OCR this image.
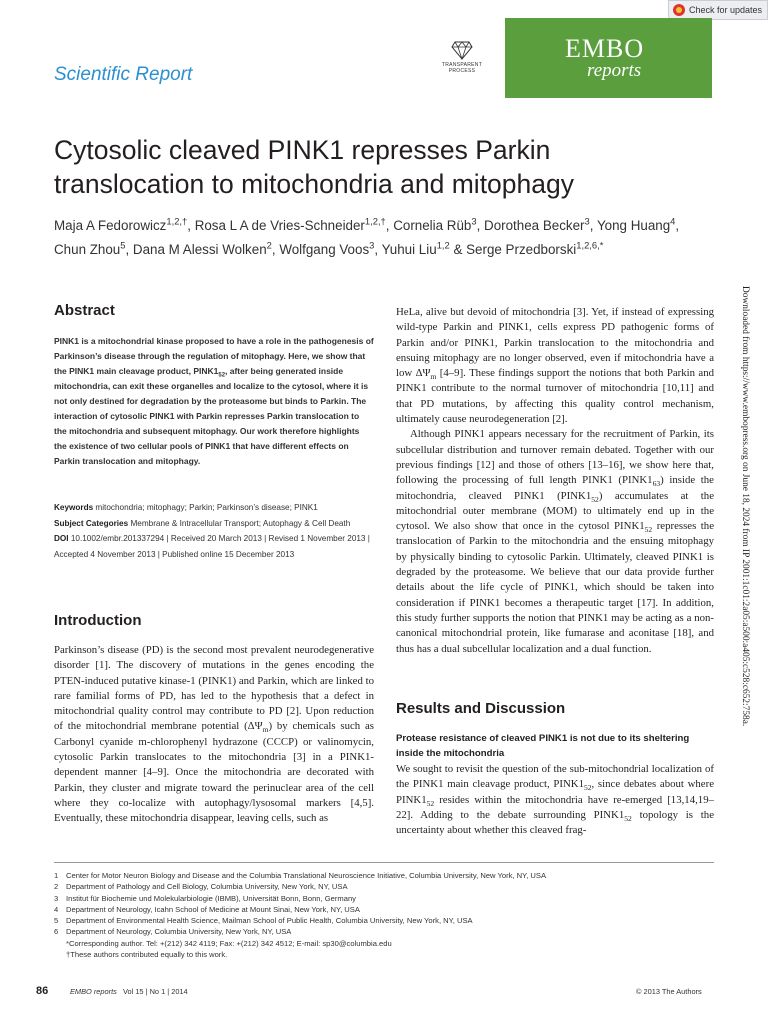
Check for updates
Scientific Report	TRANSPARENT PROCESS
EMBO
reports
Cytosolic cleaved PINK1 represses Parkin translocation to mitochondria and mitophagy
Maja A Fedorowicz$^{1,2,\dagger}$, Rosa L A de Vries-Schneider$^{1,2,\dagger}$, Cornelia Rüb$^3$, Dorothea Becker$^3$, Yong Huang$^4$, Chun Zhou$^5$, Dana M Alessi Wolken$^2$, Wolfgang Voos$^3$, Yuhui Liu$^{1,2}$ & Serge Przedborski$^{1,2,6,*}$
Downloaded from https://www.embopress.org on June 18, 2024 from IP 2001:1c01:2a05:a500:a405:c528:c652:758a.
Abstract
PINK1 is a mitochondrial kinase proposed to have a role in the pathogenesis of Parkinson’s disease through the regulation of mitophagy. Here, we show that the PINK1 main cleavage product, $PINK1_{52}$, after being generated inside mitochondria, can exit these organelles and localize to the cytosol, where it is not only destined for degradation by the proteasome but binds to Parkin. The interaction of cytosolic PINK1 with Parkin represses Parkin translocation to the mitochondria and subsequent mitophagy. Our work therefore highlights the existence of two cellular pools of PINK1 that have different effects on Parkin translocation and mitophagy.
Keywords mitochondria; mitophagy; Parkin; Parkinson’s disease; PINK1
Subject Categories Membrane & Intracellular Transport; Autophagy & Cell Death
DOI 10.1002/embr.201337294 | Received 20 March 2013 | Revised 1 November 2013 | Accepted 4 November 2013 | Published online 15 December 2013
Introduction
Parkinson’s disease (PD) is the second most prevalent neurodegenerative disorder [1]. The discovery of mutations in the genes encoding the PTEN-induced putative kinase-1 (PINK1) and Parkin, which are linked to rare familial forms of PD, has led to the hypothesis that a defect in mitochondrial quality control may contribute to PD [2]. Upon reduction of the mitochondrial membrane potential $(\Delta\Psi_m)$ by chemicals such as Carbonyl cyanide m-chlorophenyl hydrazone (CCCP) or valinomycin, cytosolic Parkin translocates to the mitochondria [3] in a PINK1-dependent manner [4–9]. Once the mitochondria are decorated with Parkin, they cluster and migrate toward the perinuclear area of the cell where they co-localize with autophagy/lysosomal markers [4,5]. Eventually, these mitochondria disappear, leaving cells, such as

HeLa, alive but devoid of mitochondria [3]. Yet, if instead of expressing wild-type Parkin and PINK1, cells express PD pathogenic forms of Parkin and/or PINK1, Parkin translocation to the mitochondria and ensuing mitophagy are no longer observed, even if mitochondria have a low $\Delta\Psi_m$ [4–9]. These findings support the notions that both Parkin and PINK1 contribute to the normal turnover of mitochondria [10,11] and that PD mutations, by affecting this quality control mechanism, ultimately cause neurodegeneration [2].

Although PINK1 appears necessary for the recruitment of Parkin, its subcellular distribution and turnover remain debated. Together with our previous findings [12] and those of others [13–16], we show here that, following the processing of full length PINK1 $(PINK1_{63})$ inside the mitochondria, cleaved PINK1 $(PINK1_{52})$ accumulates at the mitochondrial outer membrane (MOM) to ultimately end up in the cytosol. We also show that once in the cytosol $PINK1_{52}$ represses the translocation of Parkin to the mitochondria and the ensuing mitophagy by physically binding to cytosolic Parkin. Ultimately, cleaved PINK1 is degraded by the proteasome. We believe that our data provide further details about the life cycle of PINK1, which should be taken into consideration if PINK1 becomes a therapeutic target [17]. In addition, this study further supports the notion that PINK1 may be acting as a non-canonical mitochondrial protein, like fumarase and aconitase [18], and thus has a dual subcellular localization and a dual function.

Results and Discussion
Protease resistance of cleaved PINK1 is not due to its sheltering inside the mitochondria
We sought to revisit the question of the sub-mitochondrial localization of the PINK1 main cleavage product, $PINK1_{52}$, since debates about where $PINK1_{52}$ resides within the mitochondria have re-emerged [13,14,19–22]. Adding to the debate surrounding $PINK1_{52}$ topology is the uncertainty about whether this cleaved frag-
1 Center for Motor Neuron Biology and Disease and the Columbia Translational Neuroscience Initiative, Columbia University, New York, NY, USA
2 Department of Pathology and Cell Biology, Columbia University, New York, NY, USA
3 Institut für Biochemie und Molekularbiologie (IBMB), Universität Bonn, Bonn, Germany
4 Department of Neurology, Icahn School of Medicine at Mount Sinai, New York, NY, USA
5 Department of Environmental Health Science, Mailman School of Public Health, Columbia University, New York, NY, USA
6 Department of Neurology, Columbia University, New York, NY, USA
*Corresponding author. Tel: +(212) 342 4119; Fax: +(212) 342 4512; E-mail: sp30@columbia.edu
†These authors contributed equally to this work.
86	EMBO reports Vol 15 | No 1 | 2014	© 2013 The Authors
